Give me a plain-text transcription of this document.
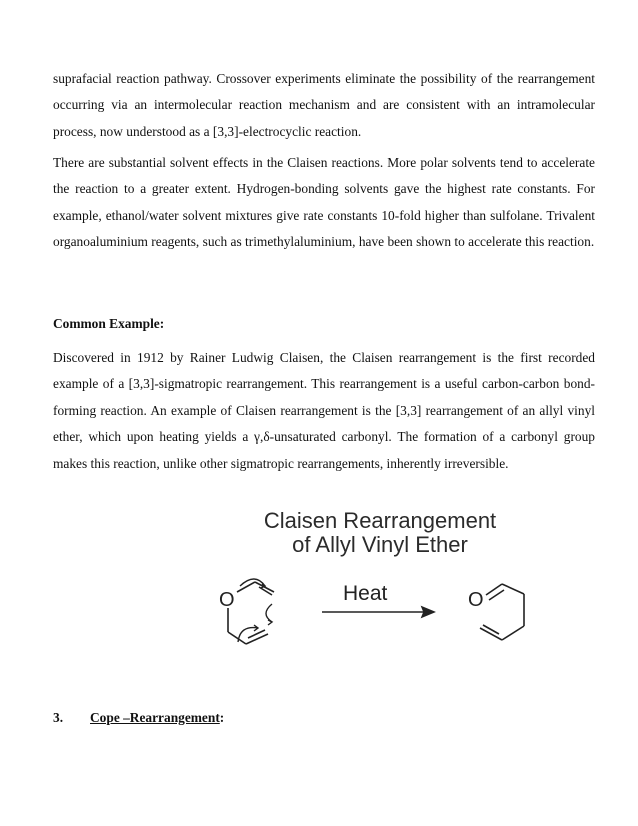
suprafacial reaction pathway. Crossover experiments eliminate the possibility of the rearrangement occurring via an intermolecular reaction mechanism and are consistent with an intramolecular process, now understood as a [3,3]-electrocyclic reaction.

There are substantial solvent effects in the Claisen reactions. More polar solvents tend to accelerate the reaction to a greater extent. Hydrogen-bonding solvents gave the highest rate constants. For example, ethanol/water solvent mixtures give rate constants 10-fold higher than sulfolane. Trivalent organoaluminium reagents, such as trimethylaluminium, have been shown to accelerate this reaction.

Common Example:

Discovered in 1912 by Rainer Ludwig Claisen, the Claisen rearrangement is the first recorded example of a [3,3]-sigmatropic rearrangement. This rearrangement is a useful carbon-carbon bond-forming reaction. An example of Claisen rearrangement is the [3,3] rearrangement of an allyl vinyl ether, which upon heating yields a γ,δ-unsaturated carbonyl. The formation of a carbonyl group makes this reaction, unlike other sigmatropic rearrangements, inherently irreversible.

Claisen Rearrangement
of Allyl Vinyl Ether
O	Heat	O

3. Cope –Rearrangement:
